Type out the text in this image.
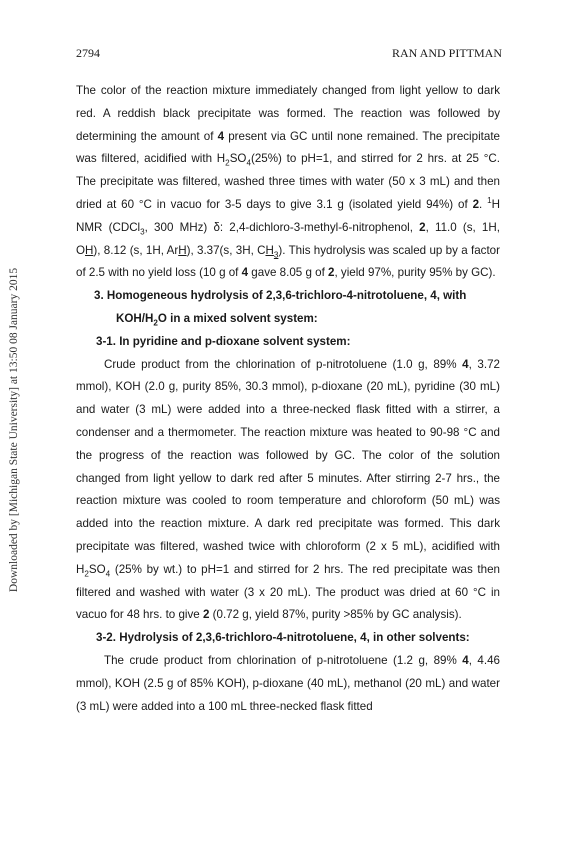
2794	RAN AND PITTMAN
Downloaded by [Michigan State University] at 13:50 08 January 2015

The color of the reaction mixture immediately changed from light yellow to dark red. A reddish black precipitate was formed. The reaction was followed by determining the amount of 4 present via GC until none remained. The precipitate was filtered, acidified with $H_2SO_4(25\%)$ to pH=1, and stirred for 2 hrs. at 25 °C. The precipitate was filtered, washed three times with water (50 x 3 mL) and then dried at 60 °C in vacuo for 3-5 days to give 3.1 g (isolated yield 94%) of 2. $^1$H NMR (CDCl$_3$, 300 MHz) δ: 2,4-dichloro-3-methyl-6-nitrophenol, 2, 11.0 (s, 1H, OH), 8.12 (s, 1H, ArH), 3.37(s, 3H, $CH_3$). This hydrolysis was scaled up by a factor of 2.5 with no yield loss (10 g of 4 gave 8.05 g of 2, yield 97%, purity 95% by GC).

3. Homogeneous hydrolysis of 2,3,6-trichloro-4-nitrotoluene, 4, with

KOH/$H_2O$ in a mixed solvent system:

3-1. In pyridine and p-dioxane solvent system:

Crude product from the chlorination of p-nitrotoluene (1.0 g, 89% 4, 3.72 mmol), KOH (2.0 g, purity 85%, 30.3 mmol), p-dioxane (20 mL), pyridine (30 mL) and water (3 mL) were added into a three-necked flask fitted with a stirrer, a condenser and a thermometer. The reaction mixture was heated to 90-98 °C and the progress of the reaction was followed by GC. The color of the solution changed from light yellow to dark red after 5 minutes. After stirring 2-7 hrs., the reaction mixture was cooled to room temperature and chloroform (50 mL) was added into the reaction mixture. A dark red precipitate was formed. This dark precipitate was filtered, washed twice with chloroform (2 x 5 mL), acidified with $H_2SO_4$ (25% by wt.) to pH=1 and stirred for 2 hrs. The red precipitate was then filtered and washed with water (3 x 20 mL). The product was dried at 60 °C in vacuo for 48 hrs. to give 2 (0.72 g, yield 87%, purity >85% by GC analysis).

3-2. Hydrolysis of 2,3,6-trichloro-4-nitrotoluene, 4, in other solvents:

The crude product from chlorination of p-nitrotoluene (1.2 g, 89% 4, 4.46 mmol), KOH (2.5 g of 85% KOH), p-dioxane (40 mL), methanol (20 mL) and water (3 mL) were added into a 100 mL three-necked flask fitted
